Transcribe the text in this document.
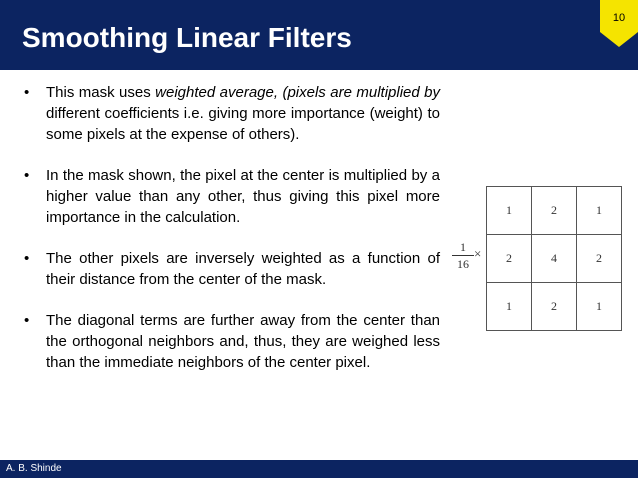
Smoothing Linear Filters
10
• This mask uses weighted average, (pixels are multiplied by different coefficients i.e. giving more importance (weight) to some pixels at the expense of others).
• In the mask shown, the pixel at the center is multiplied by a higher value than any other, thus giving this pixel more importance in the calculation.
• The other pixels are inversely weighted as a function of their distance from the center of the mask.
• The diagonal terms are further away from the center than the orthogonal neighbors and, thus, they are weighed less than the immediate neighbors of the center pixel.
$\frac{1}{16}$ ×
1	2	1
2	4	2
1	2	1
A. B. Shinde
